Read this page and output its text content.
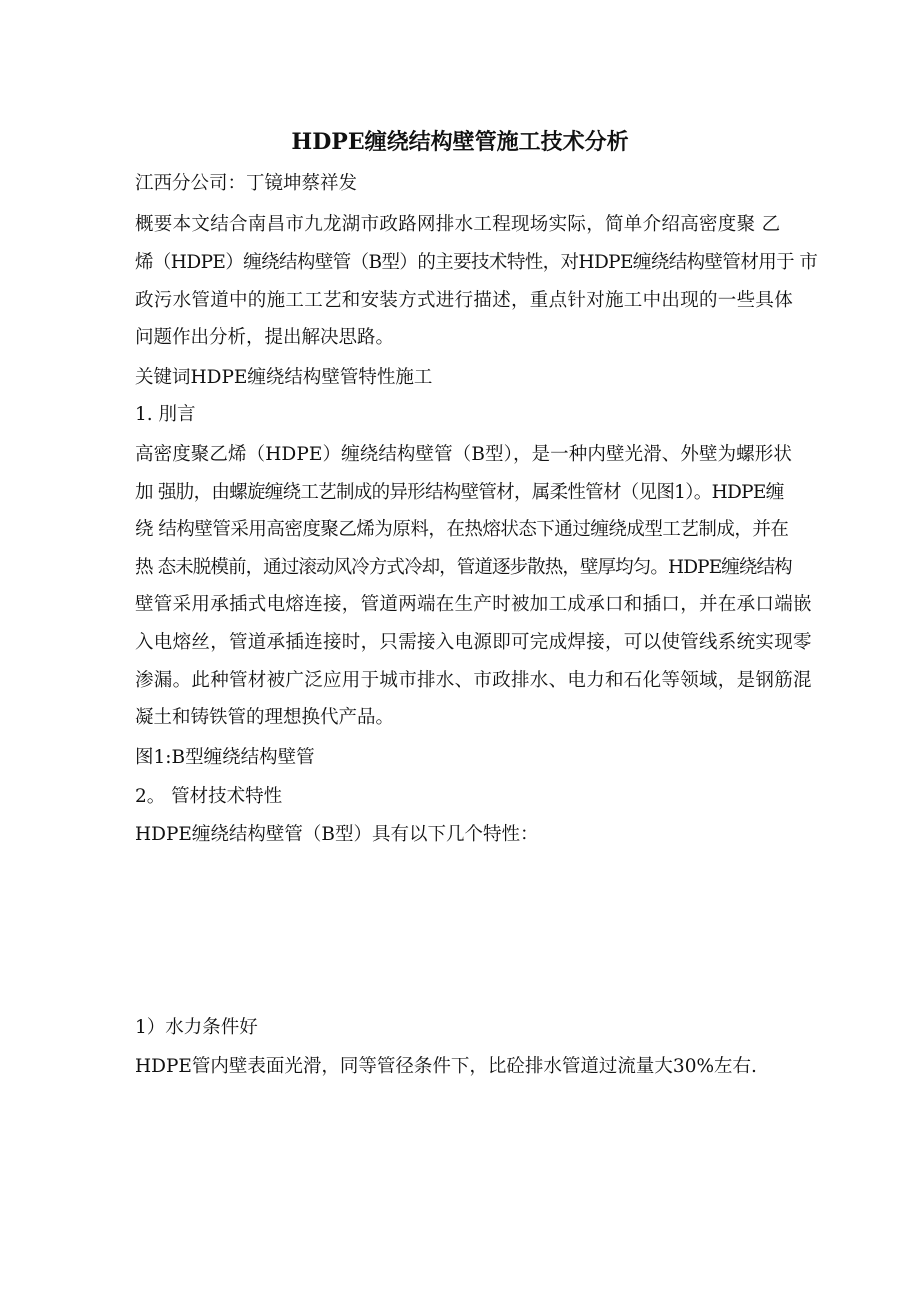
HDPE缠绕结构壁管施工技术分析
江西分公司：丁镜坤蔡祥发
概要本文结合南昌市九龙湖市政路网排水工程现场实际，简单介绍高密度聚 乙
烯（HDPE）缠绕结构壁管（B型）的主要技术特性，对HDPE缠绕结构壁管材用于 市
政污水管道中的施工工艺和安装方式进行描述，重点针对施工中出现的一些具体
问题作出分析，提出解决思路。
关键词HDPE缠绕结构壁管特性施工
1. 刖言
高密度聚乙烯（HDPE）缠绕结构壁管（B型），是一种内壁光滑、外壁为螺形状
加 强肋，由螺旋缠绕工艺制成的异形结构壁管材，属柔性管材（见图1）。HDPE缠
绕 结构壁管采用高密度聚乙烯为原料，在热熔状态下通过缠绕成型工艺制成，并在
热 态未脱模前，通过滚动风冷方式冷却，管道逐步散热，壁厚均匀。HDPE缠绕结构
壁管采用承插式电熔连接，管道两端在生产时被加工成承口和插口，并在承口端嵌
入电熔丝，管道承插连接时，只需接入电源即可完成焊接，可以使管线系统实现零
渗漏。此种管材被广泛应用于城市排水、市政排水、电力和石化等领域，是钢筋混
凝土和铸铁管的理想换代产品。
图1:B型缠绕结构壁管
2。 管材技术特性
HDPE缠绕结构壁管（B型）具有以下几个特性：
1）水力条件好
HDPE管内壁表面光滑，同等管径条件下，比砼排水管道过流量大30%左右.
